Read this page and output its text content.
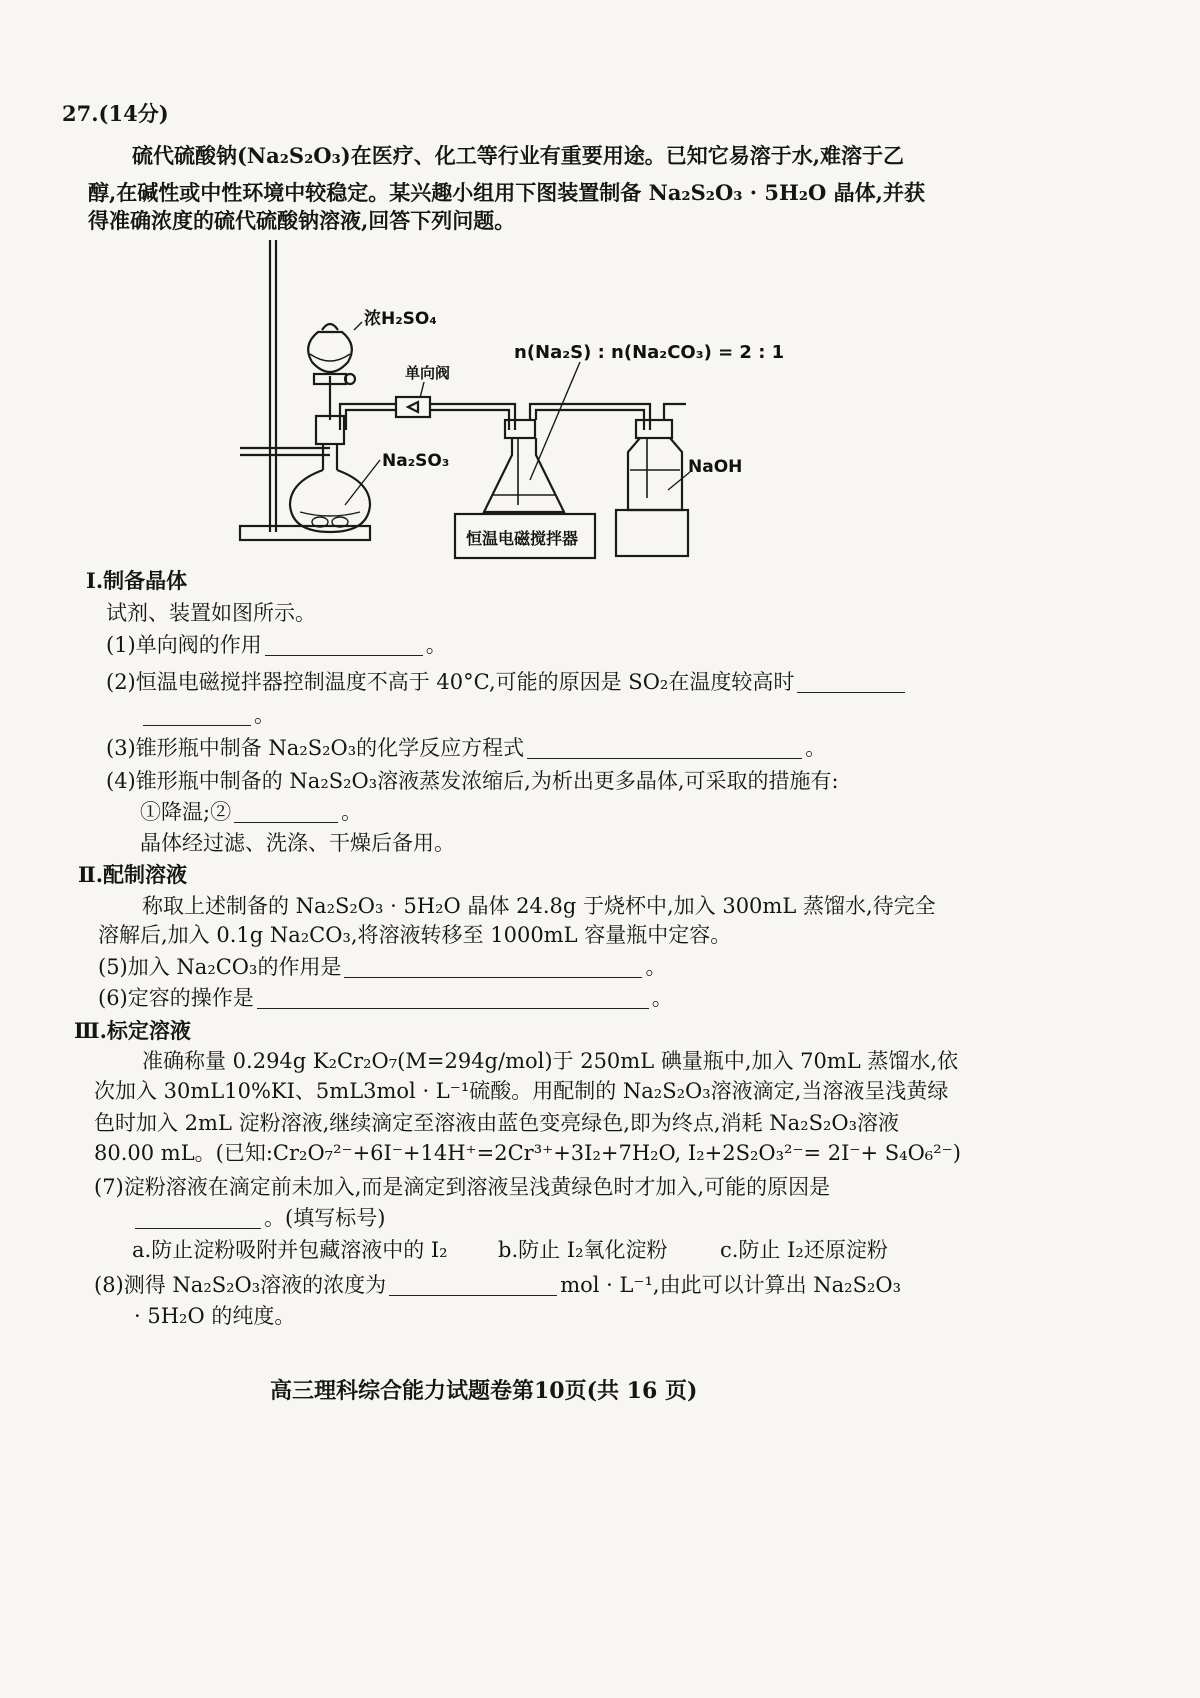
27.(14分)
硫代硫酸钠(Na₂S₂O₃)在医疗、化工等行业有重要用途。已知它易溶于水,难溶于乙
醇,在碱性或中性环境中较稳定。某兴趣小组用下图装置制备 Na₂S₂O₃ · 5H₂O 晶体,并获
得准确浓度的硫代硫酸钠溶液,回答下列问题。
浓H₂SO₄
单向阀
n(Na₂S) : n(Na₂CO₃) = 2 : 1
Na₂SO₃	NaOH
恒温电磁搅拌器
Ⅰ.制备晶体
试剂、装置如图所示。
(1)单向阀的作用	。
(2)恒温电磁搅拌器控制温度不高于 40°C,可能的原因是 SO₂在温度较高时
。
(3)锥形瓶中制备 Na₂S₂O₃的化学反应方程式	。
(4)锥形瓶中制备的 Na₂S₂O₃溶液蒸发浓缩后,为析出更多晶体,可采取的措施有:
①降温;②	。
晶体经过滤、洗涤、干燥后备用。
Ⅱ.配制溶液
称取上述制备的 Na₂S₂O₃ · 5H₂O 晶体 24.8g 于烧杯中,加入 300mL 蒸馏水,待完全
溶解后,加入 0.1g Na₂CO₃,将溶液转移至 1000mL 容量瓶中定容。
(5)加入 Na₂CO₃的作用是	。
(6)定容的操作是	。
Ⅲ.标定溶液
准确称量 0.294g K₂Cr₂O₇(M=294g/mol)于 250mL 碘量瓶中,加入 70mL 蒸馏水,依
次加入 30mL10%KI、5mL3mol · L⁻¹硫酸。用配制的 Na₂S₂O₃溶液滴定,当溶液呈浅黄绿
色时加入 2mL 淀粉溶液,继续滴定至溶液由蓝色变亮绿色,即为终点,消耗 Na₂S₂O₃溶液
80.00 mL。(已知:Cr₂O₇²⁻+6I⁻+14H⁺=2Cr³⁺+3I₂+7H₂O, I₂+2S₂O₃²⁻= 2I⁻+ S₄O₆²⁻)
(7)淀粉溶液在滴定前未加入,而是滴定到溶液呈浅黄绿色时才加入,可能的原因是
。(填写标号)
a.防止淀粉吸附并包藏溶液中的 I₂ b.防止 I₂氧化淀粉 c.防止 I₂还原淀粉
(8)测得 Na₂S₂O₃溶液的浓度为	mol · L⁻¹,由此可以计算出 Na₂S₂O₃
· 5H₂O 的纯度。
高三理科综合能力试题卷第10页(共 16 页)
